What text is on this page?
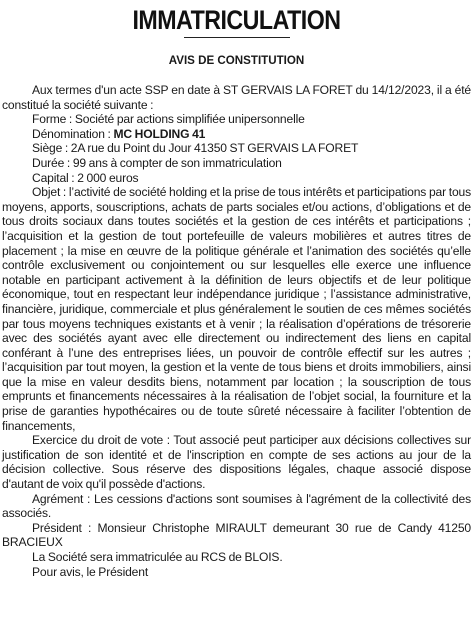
IMMATRICULATION
AVIS DE CONSTITUTION

Aux termes d'un acte SSP en date à ST GERVAIS LA FORET du 14/12/2023, il a été constitué la société suivante :

Forme : Société par actions simplifiée unipersonnelle

Dénomination : MC HOLDING 41

Siège : 2A rue du Point du Jour 41350 ST GERVAIS LA FORET

Durée : 99 ans à compter de son immatriculation

Capital : 2 000 euros

Objet : l’activité de société holding et la prise de tous intérêts et participations par tous moyens, apports, souscriptions, achats de parts sociales et/ou actions, d’obligations et de tous droits sociaux dans toutes sociétés et la gestion de ces intérêts et participations ; l’acquisition et la gestion de tout portefeuille de valeurs mobilières et autres titres de placement ; la mise en œuvre de la politique générale et l’animation des sociétés qu’elle contrôle exclusivement ou conjointement ou sur lesquelles elle exerce une influence notable en participant activement à la définition de leurs objectifs et de leur politique économique, tout en respectant leur indépendance juridique ; l’assistance administrative, financière, juridique, commerciale et plus généralement le soutien de ces mêmes sociétés par tous moyens techniques existants et à venir ; la réalisation d’opérations de trésorerie avec des sociétés ayant avec elle directement ou indirectement des liens en capital conférant à l’une des entreprises liées, un pouvoir de contrôle effectif sur les autres ; l’acquisition par tout moyen, la gestion et la vente de tous biens et droits immobiliers, ainsi que la mise en valeur desdits biens, notamment par location ; la souscription de tous emprunts et financements nécessaires à la réalisation de l’objet social, la fourniture et la prise de garanties hypothécaires ou de toute sûreté nécessaire à faciliter l’obtention de financements,

Exercice du droit de vote : Tout associé peut participer aux décisions collectives sur justification de son identité et de l'inscription en compte de ses actions au jour de la décision collective. Sous réserve des dispositions légales, chaque associé dispose d'autant de voix qu'il possède d'actions.

Agrément : Les cessions d'actions sont soumises à l'agrément de la collectivité des associés.

Président : Monsieur Christophe MIRAULT demeurant 30 rue de Candy 41250 BRACIEUX

La Société sera immatriculée au RCS de BLOIS.

Pour avis, le Président
